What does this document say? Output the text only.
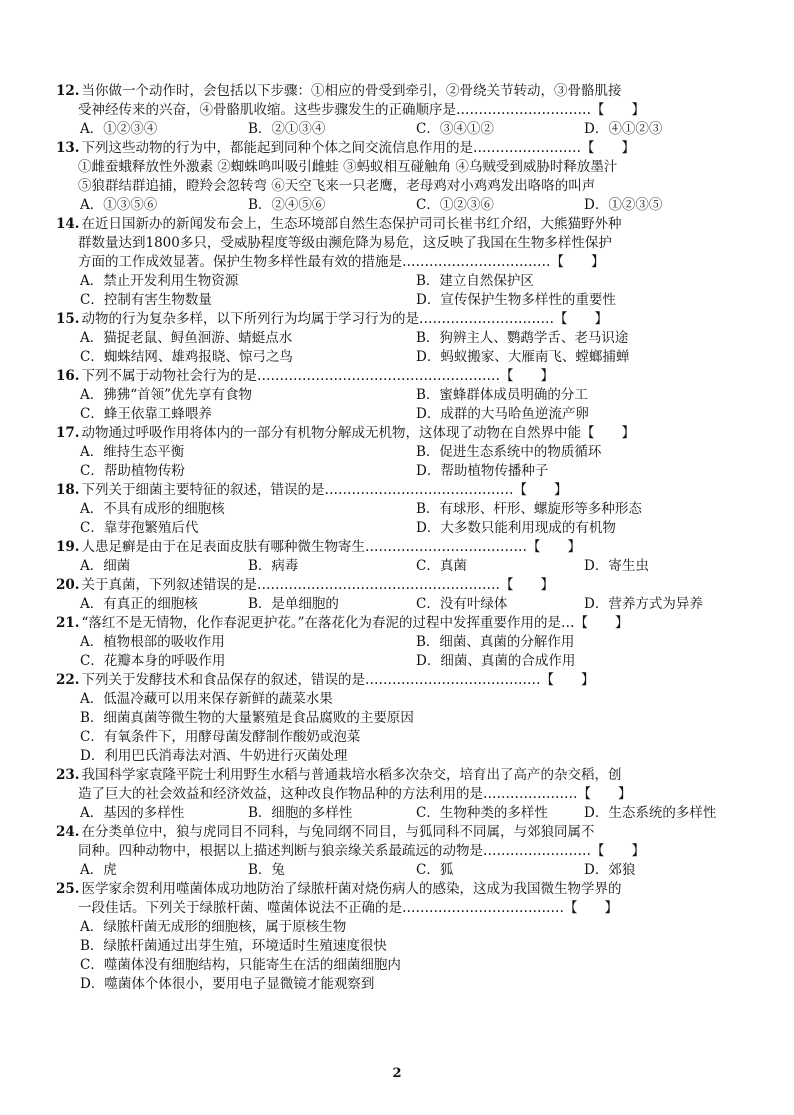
12. 当你做一个动作时，会包括以下步骤：①相应的骨受到牵引，②骨绕关节转动，③骨骼肌接
受神经传来的兴奋，④骨骼肌收缩。这些步骤发生的正确顺序是…………………………【　　】
A．①②③④	B．②①③④	C．③④①②	D．④①②③
13. 下列这些动物的行为中，都能起到同种个体之间交流信息作用的是……………………【　　】
①雌蚕蛾释放性外激素 ②蜘蛛鸣叫吸引雌蛙 ③蚂蚁相互碰触角 ④乌贼受到威胁时释放墨汁
⑤狼群结群追捕，瞪羚会忽转弯 ⑥天空飞来一只老鹰，老母鸡对小鸡鸡发出咯咯的叫声
A．①③⑤⑥	B．②④⑤⑥	C．①②③⑥	D．①②③⑤
14. 在近日国新办的新闻发布会上，生态环境部自然生态保护司司长崔书红介绍，大熊猫野外种
群数量达到1800多只，受威胁程度等级由濒危降为易危，这反映了我国在生物多样性保护
方面的工作成效显著。保护生物多样性最有效的措施是……………………………【　　】
A．禁止开发利用生物资源	B．建立自然保护区
C．控制有害生物数量	D．宣传保护生物多样性的重要性
15. 动物的行为复杂多样，以下所列行为均属于学习行为的是…………………………【　　】
A．猫捉老鼠、鲟鱼洄游、蜻蜓点水	B．狗辨主人、鹦鹉学舌、老马识途
C．蜘蛛结网、雄鸡报晓、惊弓之鸟	D．蚂蚁搬家、大雁南飞、螳螂捕蝉
16. 下列不属于动物社会行为的是………………………………………………【　　】
A．狒狒“首领”优先享有食物	B．蜜蜂群体成员明确的分工
C．蜂王依靠工蜂喂养	D．成群的大马哈鱼逆流产卵
17. 动物通过呼吸作用将体内的一部分有机物分解成无机物，这体现了动物在自然界中能【　　】
A．维持生态平衡	B．促进生态系统中的物质循环
C．帮助植物传粉	D．帮助植物传播种子
18. 下列关于细菌主要特征的叙述，错误的是……………………………………【　　】
A．不具有成形的细胞核	B．有球形、杆形、螺旋形等多种形态
C．靠芽孢繁殖后代	D．大多数只能利用现成的有机物
19. 人患足癣是由于在足表面皮肤有哪种微生物寄生………………………………【　　】
A．细菌	B．病毒	C．真菌	D．寄生虫
20. 关于真菌，下列叙述错误的是………………………………………………【　　】
A．有真正的细胞核	B．是单细胞的	C．没有叶绿体	D．营养方式为异养
21. “落红不是无情物，化作春泥更护花。”在落花化为春泥的过程中发挥重要作用的是…【　　】
A．植物根部的吸收作用	B．细菌、真菌的分解作用
C．花瓣本身的呼吸作用	D．细菌、真菌的合成作用
22. 下列关于发酵技术和食品保存的叙述，错误的是…………………………………【　　】
A．低温冷藏可以用来保存新鲜的蔬菜水果
B．细菌真菌等微生物的大量繁殖是食品腐败的主要原因
C．有氧条件下，用酵母菌发酵制作酸奶或泡菜
D．利用巴氏消毒法对酒、牛奶进行灭菌处理
23. 我国科学家袁隆平院士利用野生水稻与普通栽培水稻多次杂交，培育出了高产的杂交稻，创
造了巨大的社会效益和经济效益，这种改良作物品种的方法利用的是…………………【　　】
A．基因的多样性	B．细胞的多样性	C．生物种类的多样性	D．生态系统的多样性
24. 在分类单位中，狼与虎同目不同科，与兔同纲不同目，与狐同科不同属，与郊狼同属不
同种。四种动物中，根据以上描述判断与狼亲缘关系最疏远的动物是……………………【　　】
A．虎	B．兔	C．狐	D．郊狼
25. 医学家余贺利用噬菌体成功地防治了绿脓杆菌对烧伤病人的感染，这成为我国微生物学界的
一段佳话。下列关于绿脓杆菌、噬菌体说法不正确的是………………………………【　　】
A．绿脓杆菌无成形的细胞核，属于原核生物
B．绿脓杆菌通过出芽生殖，环境适时生殖速度很快
C．噬菌体没有细胞结构，只能寄生在活的细菌细胞内
D．噬菌体个体很小，要用电子显微镜才能观察到
2
